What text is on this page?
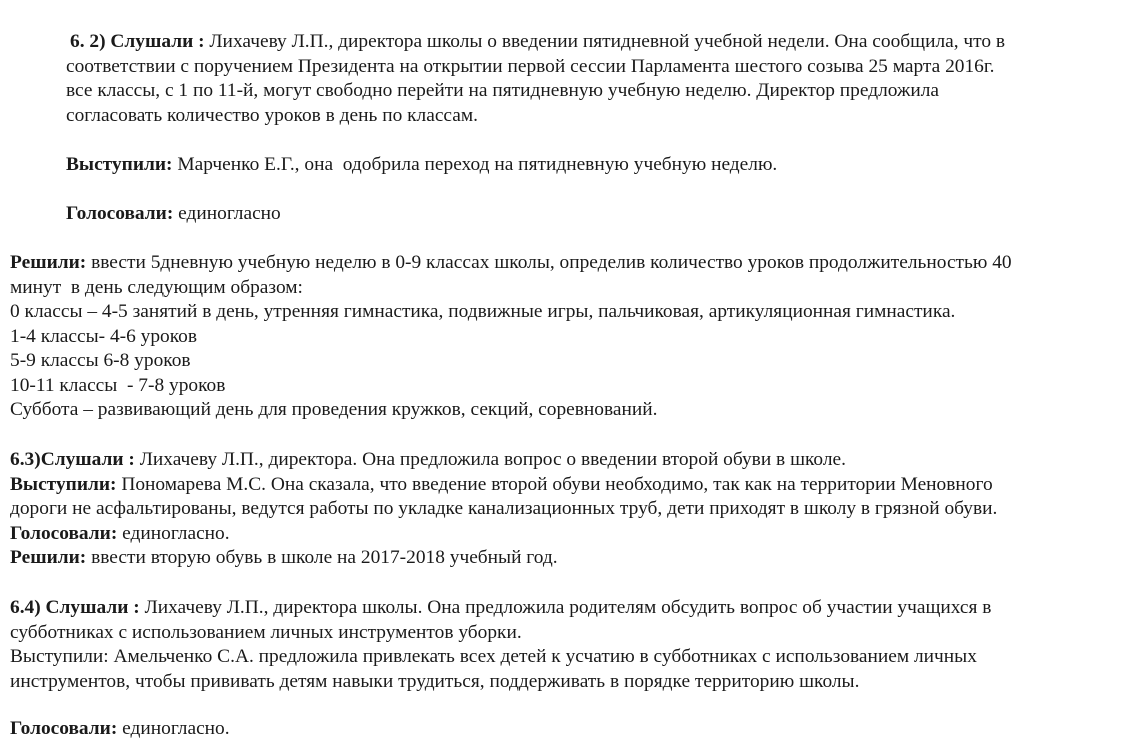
6. 2) Слушали : Лихачеву Л.П., директора школы о введении пятидневной учебной недели. Она сообщила, что в

соответствии с поручением Президента на открытии первой сессии Парламента шестого созыва 25 марта 2016г.

все классы, с 1 по 11-й, могут свободно перейти на пятидневную учебную неделю. Директор предложила

согласовать количество уроков в день по классам.

Выступили: Марченко Е.Г., она  одобрила переход на пятидневную учебную неделю.

Голосовали: единогласно

Решили: ввести 5дневную учебную неделю в 0-9 классах школы, определив количество уроков продолжительностью 40

минут  в день следующим образом:

0 классы – 4-5 занятий в день, утренняя гимнастика, подвижные игры, пальчиковая, артикуляционная гимнастика.

1-4 классы- 4-6 уроков

5-9 классы 6-8 уроков

10-11 классы  - 7-8 уроков

Суббота – развивающий день для проведения кружков, секций, соревнований.

6.3)Слушали : Лихачеву Л.П., директора. Она предложила вопрос о введении второй обуви в школе.

Выступили: Пономарева М.С. Она сказала, что введение второй обуви необходимо, так как на территории Меновного

дороги не асфальтированы, ведутся работы по укладке канализационных труб, дети приходят в школу в грязной обуви.

Голосовали: единогласно.

Решили: ввести вторую обувь в школе на 2017-2018 учебный год.

6.4) Слушали : Лихачеву Л.П., директора школы. Она предложила родителям обсудить вопрос об участии учащихся в

субботниках с использованием личных инструментов уборки.

Выступили: Амельченко С.А. предложила привлекать всех детей к усчатию в субботниках с использованием личных

инструментов, чтобы прививать детям навыки трудиться, поддерживать в порядке территорию школы.

Голосовали: единогласно.
